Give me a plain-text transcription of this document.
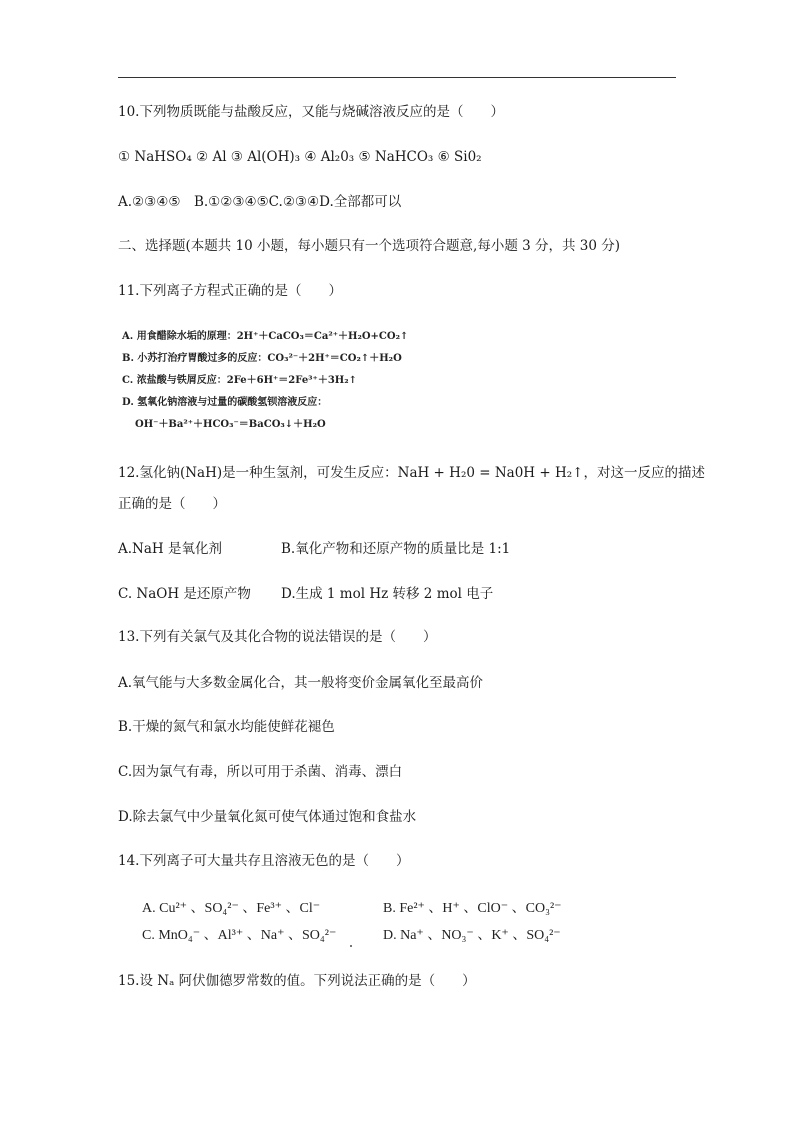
10.下列物质既能与盐酸反应，又能与烧碱溶液反应的是（　　）
① NaHSO₄ ② Al ③ Al(OH)₃ ④ Al₂0₃ ⑤ NaHCO₃ ⑥ Si0₂
A.②③④⑤　B.①②③④⑤C.②③④D.全部都可以
二、选择题(本题共 10 小题，每小题只有一个选项符合题意,每小题 3 分，共 30 分)
11.下列离子方程式正确的是（　　）
A. 用食醋除水垢的原理：2H⁺＋CaCO₃＝Ca²⁺＋H₂O+CO₂↑
B. 小苏打治疗胃酸过多的反应：CO₃²⁻＋2H⁺＝CO₂↑＋H₂O
C. 浓盐酸与铁屑反应：2Fe＋6H⁺＝2Fe³⁺＋3H₂↑
D. 氢氧化钠溶液与过量的碳酸氢钡溶液反应：
OH⁻＋Ba²⁺＋HCO₃⁻＝BaCO₃↓＋H₂O
12.氢化钠(NaH)是一种生氢剂，可发生反应：NaH + H₂0 = Na0H + H₂↑，对这一反应的描述
正确的是（　　）
A.NaH 是氧化剂	B.氧化产物和还原产物的质量比是 1:1
C. NaOH 是还原产物 D.生成 1 mol Hz 转移 2 mol 电子
13.下列有关氯气及其化合物的说法错误的是（　　）
A.氧气能与大多数金属化合，其一般将变价金属氧化至最高价
B.干燥的氮气和氯水均能使鲜花褪色
C.因为氯气有毒，所以可用于杀菌、消毒、漂白
D.除去氯气中少量氧化氮可使气体通过饱和食盐水
14.下列离子可大量共存且溶液无色的是（　　）
A. Cu²⁺ 、SO₄²⁻ 、Fe³⁺ 、Cl⁻	B. Fe²⁺ 、H⁺ 、ClO⁻ 、CO₃²⁻
C. MnO₄⁻ 、Al³⁺ 、Na⁺ 、SO₄²⁻	D. Na⁺ 、NO₃⁻ 、K⁺ 、SO₄²⁻
15.设 Nₐ 阿伏伽德罗常数的值。下列说法正确的是（　　）
